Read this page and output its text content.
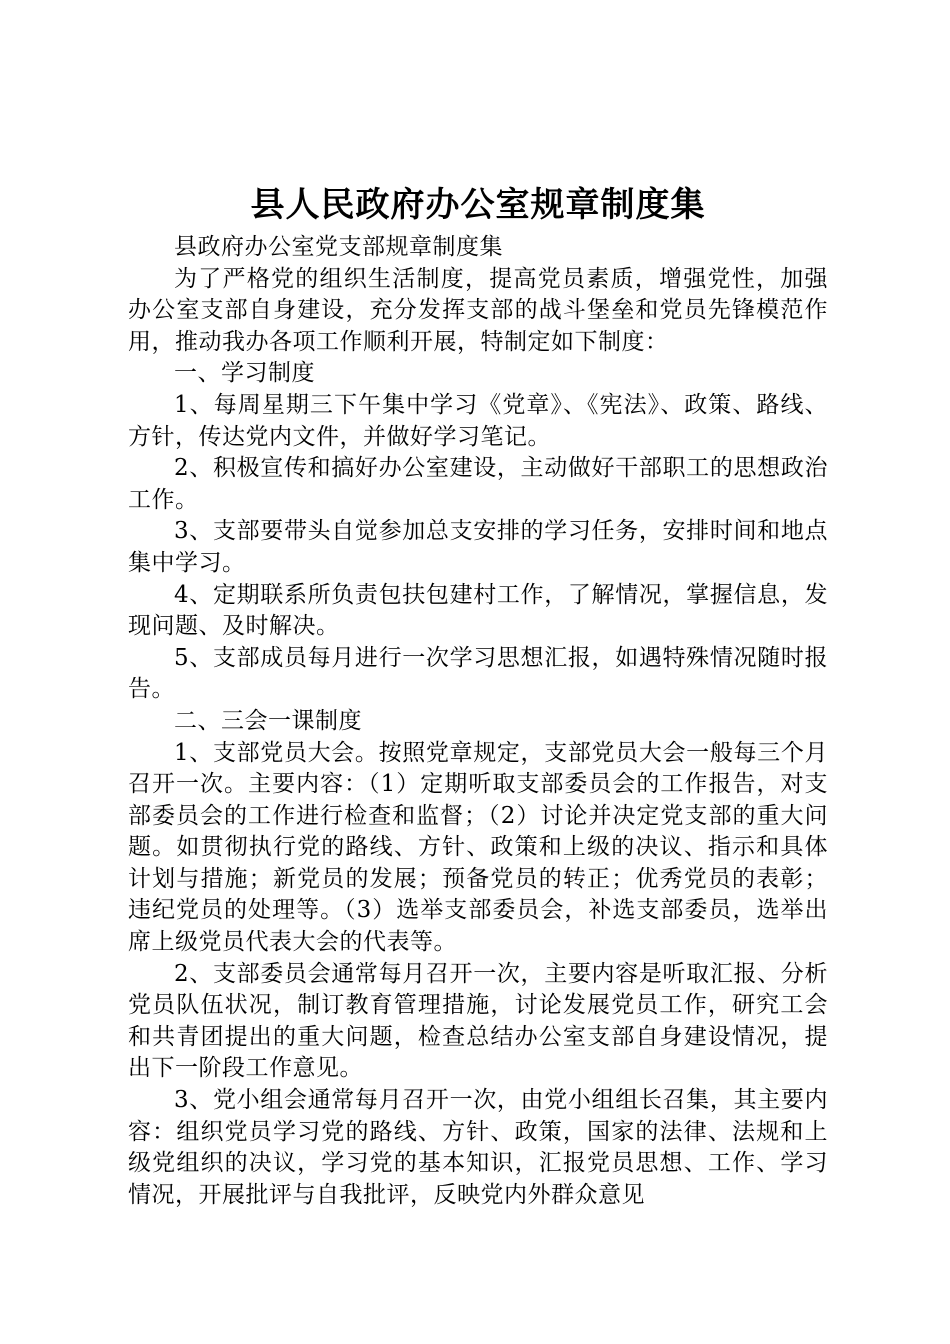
县人民政府办公室规章制度集

县政府办公室党支部规章制度集

为了严格党的组织生活制度，提高党员素质，增强党性，加强办公室支部自身建设，充分发挥支部的战斗堡垒和党员先锋模范作用，推动我办各项工作顺利开展，特制定如下制度：

一、学习制度

1、每周星期三下午集中学习《党章》、《宪法》、政策、路线、方针，传达党内文件，并做好学习笔记。

2、积极宣传和搞好办公室建设，主动做好干部职工的思想政治工作。

3、支部要带头自觉参加总支安排的学习任务，安排时间和地点集中学习。

4、定期联系所负责包扶包建村工作，了解情况，掌握信息，发现问题、及时解决。

5、支部成员每月进行一次学习思想汇报，如遇特殊情况随时报告。

二、三会一课制度

1、支部党员大会。按照党章规定，支部党员大会一般每三个月召开一次。主要内容：（1）定期听取支部委员会的工作报告，对支部委员会的工作进行检查和监督；（2）讨论并决定党支部的重大问题。如贯彻执行党的路线、方针、政策和上级的决议、指示和具体计划与措施；新党员的发展；预备党员的转正；优秀党员的表彰；违纪党员的处理等。（3）选举支部委员会，补选支部委员，选举出席上级党员代表大会的代表等。

2、支部委员会通常每月召开一次，主要内容是听取汇报、分析党员队伍状况，制订教育管理措施，讨论发展党员工作，研究工会和共青团提出的重大问题，检查总结办公室支部自身建设情况，提出下一阶段工作意见。

3、党小组会通常每月召开一次，由党小组组长召集，其主要内容：组织党员学习党的路线、方针、政策，国家的法律、法规和上级党组织的决议，学习党的基本知识，汇报党员思想、工作、学习情况，开展批评与自我批评，反映党内外群众意见
